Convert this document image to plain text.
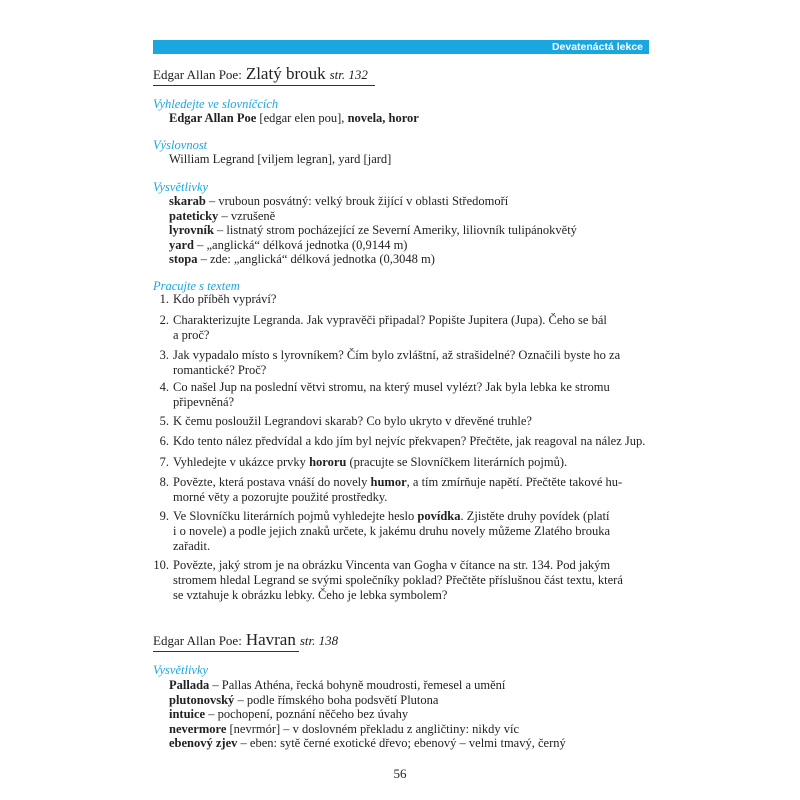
Devatenáctá lekce
Edgar Allan Poe: Zlatý brouk str. 132
Vyhledejte ve slovníčcích
Edgar Allan Poe [edgar elen pou], novela, horor
Výslovnost
William Legrand [viljem legran], yard [jard]
Vysvětlivky
skarab – vruboun posvátný: velký brouk žijící v oblasti Středomoří
pateticky – vzrušeně
lyrovník – listnatý strom pocházející ze Severní Ameriky, liliovník tulipánokvětý
yard – „anglická“ délková jednotka (0,9144 m)
stopa – zde: „anglická“ délková jednotka (0,3048 m)
Pracujte s textem
1. Kdo příběh vypráví?
2. Charakterizujte Legranda. Jak vypravěči připadal? Popište Jupitera (Jupa). Čeho se bál
a proč?
3. Jak vypadalo místo s lyrovníkem? Čím bylo zvláštní, až strašidelné? Označili byste ho za
romantické? Proč?
4. Co našel Jup na poslední větvi stromu, na který musel vylézt? Jak byla lebka ke stromu
připevněná?
5. K čemu posloužil Legrandovi skarab? Co bylo ukryto v dřevěné truhle?
6. Kdo tento nález předvídal a kdo jím byl nejvíc překvapen? Přečtěte, jak reagoval na nález Jup.
7. Vyhledejte v ukázce prvky hororu (pracujte se Slovníčkem literárních pojmů).
8. Povězte, která postava vnáší do novely humor, a tím zmírňuje napětí. Přečtěte takové hu-
morné věty a pozorujte použité prostředky.
9. Ve Slovníčku literárních pojmů vyhledejte heslo povídka. Zjistěte druhy povídek (platí
i o novele) a podle jejich znaků určete, k jakému druhu novely můžeme Zlatého brouka
zařadit.
10. Povězte, jaký strom je na obrázku Vincenta van Gogha v čítance na str. 134. Pod jakým
stromem hledal Legrand se svými společníky poklad? Přečtěte příslušnou část textu, která
se vztahuje k obrázku lebky. Čeho je lebka symbolem?
Edgar Allan Poe: Havran str. 138
Vysvětlivky
Pallada – Pallas Athéna, řecká bohyně moudrosti, řemesel a umění
plutonovský – podle římského boha podsvětí Plutona
intuice – pochopení, poznání něčeho bez úvahy
nevermore [nevrmór] – v doslovném překladu z angličtiny: nikdy víc
ebenový zjev – eben: sytě černé exotické dřevo; ebenový – velmi tmavý, černý
56
